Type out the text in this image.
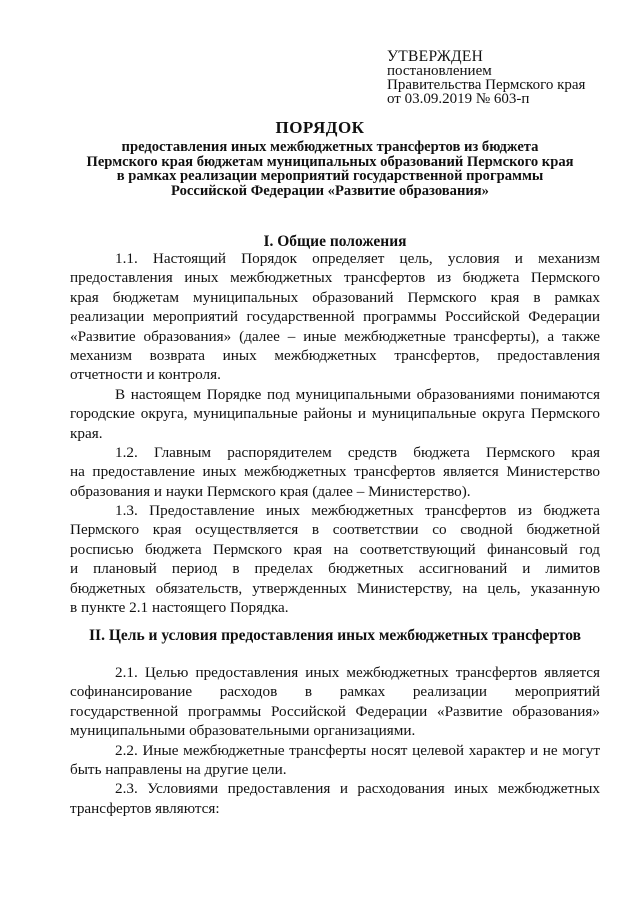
УТВЕРЖДЕН
постановлением
Правительства Пермского края
от 03.09.2019 № 603-п
ПОРЯДОК
предоставления иных межбюджетных трансфертов из бюджета
Пермского края бюджетам муниципальных образований Пермского края
в рамках реализации мероприятий государственной программы
Российской Федерации «Развитие образования»
I. Общие положения
1.1. Настоящий Порядок определяет цель, условия и механизм
предоставления иных межбюджетных трансфертов из бюджета Пермского
края бюджетам муниципальных образований Пермского края в рамках
реализации мероприятий государственной программы Российской Федерации
«Развитие образования» (далее – иные межбюджетные трансферты), а также
механизм возврата иных межбюджетных трансфертов, предоставления
отчетности и контроля.
В настоящем Порядке под муниципальными образованиями понимаются
городские округа, муниципальные районы и муниципальные округа Пермского
края.
1.2. Главным распорядителем средств бюджета Пермского края
на предоставление иных межбюджетных трансфертов является Министерство
образования и науки Пермского края (далее – Министерство).
1.3. Предоставление иных межбюджетных трансфертов из бюджета
Пермского края осуществляется в соответствии со сводной бюджетной
росписью бюджета Пермского края на соответствующий финансовый год
и плановый период в пределах бюджетных ассигнований и лимитов
бюджетных обязательств, утвержденных Министерству, на цель, указанную
в пункте 2.1 настоящего Порядка.
II. Цель и условия предоставления иных межбюджетных трансфертов
2.1. Целью предоставления иных межбюджетных трансфертов является
софинансирование расходов в рамках реализации мероприятий
государственной программы Российской Федерации «Развитие образования»
муниципальными образовательными организациями.
2.2. Иные межбюджетные трансферты носят целевой характер и не могут
быть направлены на другие цели.
2.3. Условиями предоставления и расходования иных межбюджетных
трансфертов являются:
